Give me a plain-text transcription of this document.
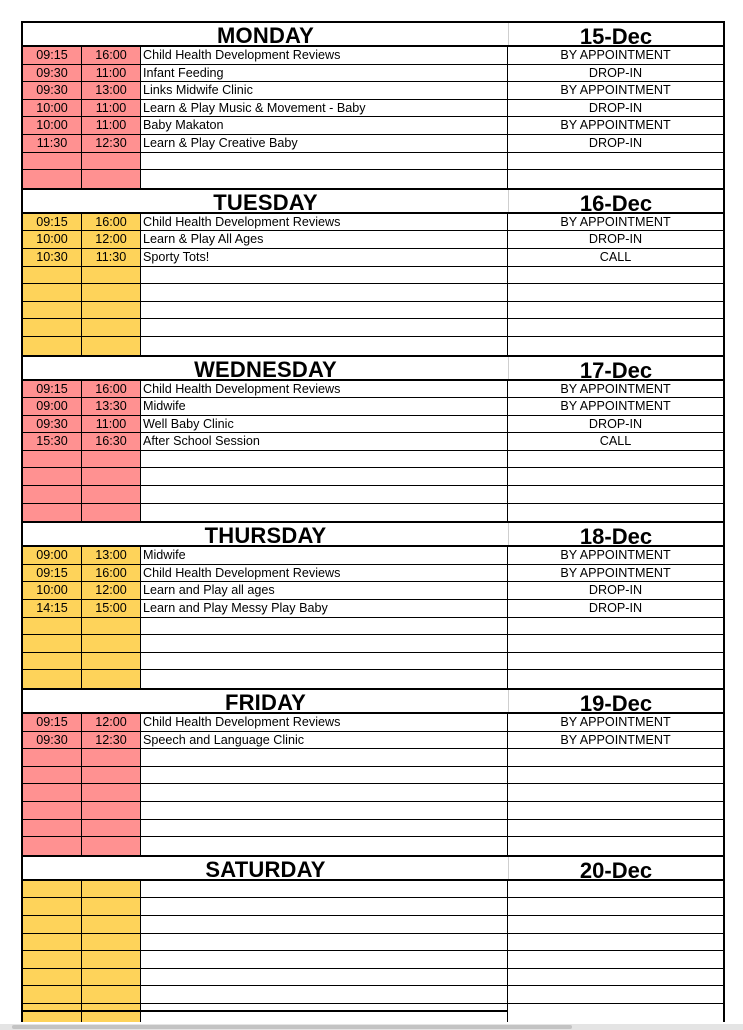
MONDAY	15-Dec
09:15	16:00	Child Health Development Reviews	BY APPOINTMENT
09:30	11:00	Infant Feeding	DROP-IN
09:30	13:00	Links Midwife Clinic	BY APPOINTMENT
10:00	11:00	Learn & Play Music & Movement - Baby	DROP-IN
10:00	11:00	Baby Makaton	BY APPOINTMENT
11:30	12:30	Learn & Play Creative Baby	DROP-IN
TUESDAY	16-Dec
09:15	16:00	Child Health Development Reviews	BY APPOINTMENT
10:00	12:00	Learn & Play All Ages	DROP-IN
10:30	11:30	Sporty Tots!	CALL
WEDNESDAY	17-Dec
09:15	16:00	Child Health Development Reviews	BY APPOINTMENT
09:00	13:30	Midwife	BY APPOINTMENT
09:30	11:00	Well Baby Clinic	DROP-IN
15:30	16:30	After School Session	CALL
THURSDAY	18-Dec
09:00	13:00	Midwife	BY APPOINTMENT
09:15	16:00	Child Health Development Reviews	BY APPOINTMENT
10:00	12:00	Learn and Play all ages	DROP-IN
14:15	15:00	Learn and Play Messy Play Baby	DROP-IN
FRIDAY	19-Dec
09:15	12:00	Child Health Development Reviews	BY APPOINTMENT
09:30	12:30	Speech and Language Clinic	BY APPOINTMENT
SATURDAY	20-Dec
